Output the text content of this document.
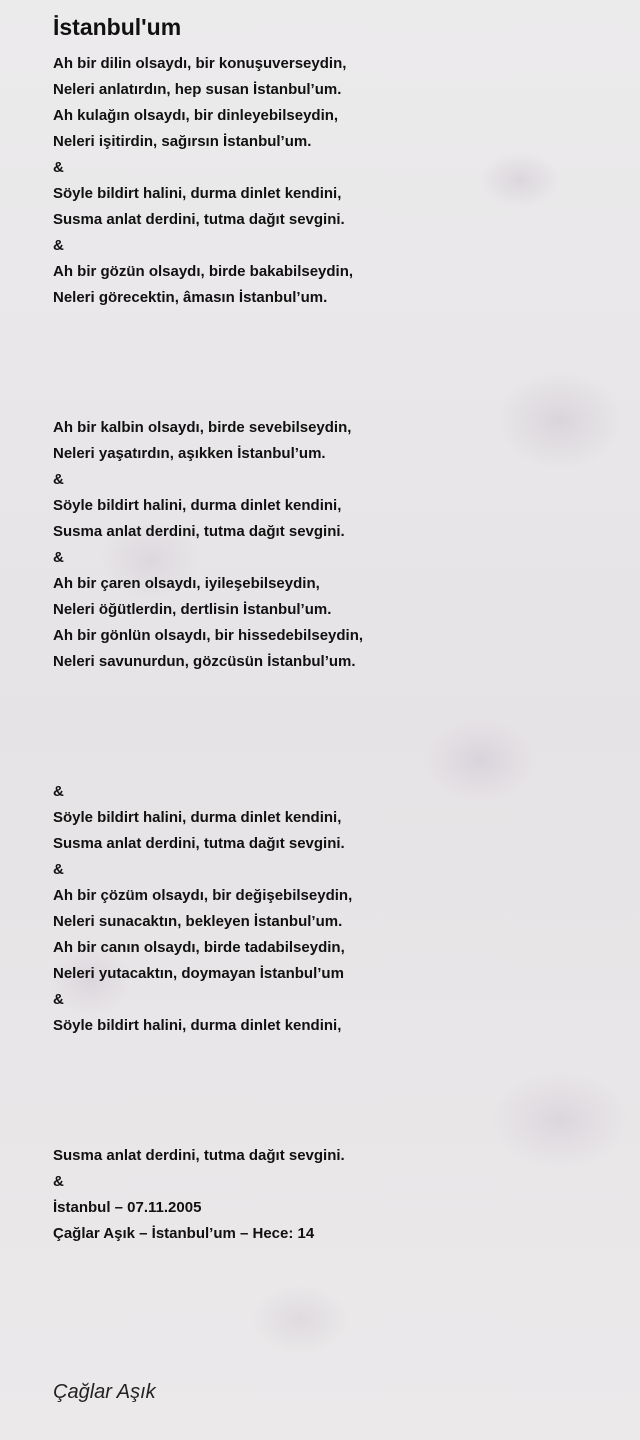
İstanbul'um
Ah bir dilin olsaydı, bir konuşuverseydin,
Neleri anlatırdın, hep susan İstanbul’um.
Ah kulağın olsaydı, bir dinleyebilseydin,
Neleri işitirdin, sağırsın İstanbul’um.
&
Söyle bildirt halini, durma dinlet kendini,
Susma anlat derdini, tutma dağıt sevgini.
&
Ah bir gözün olsaydı, birde bakabilseydin,
Neleri görecektin, âmasın İstanbul’um.
Ah bir kalbin olsaydı, birde sevebilseydin,
Neleri yaşatırdın, aşıkken İstanbul’um.
&
Söyle bildirt halini, durma dinlet kendini,
Susma anlat derdini, tutma dağıt sevgini.
&
Ah bir çaren olsaydı, iyileşebilseydin,
Neleri öğütlerdin, dertlisin İstanbul’um.
Ah bir gönlün olsaydı, bir hissedebilseydin,
Neleri savunurdun, gözcüsün İstanbul’um.
&
Söyle bildirt halini, durma dinlet kendini,
Susma anlat derdini, tutma dağıt sevgini.
&
Ah bir çözüm olsaydı, bir değişebilseydin,
Neleri sunacaktın, bekleyen İstanbul’um.
Ah bir canın olsaydı, birde tadabilseydin,
Neleri yutacaktın, doymayan İstanbul’um
&
Söyle bildirt halini, durma dinlet kendini,
Susma anlat derdini, tutma dağıt sevgini.
&
İstanbul – 07.11.2005
Çağlar Aşık – İstanbul’um – Hece: 14
Çağlar Aşık
